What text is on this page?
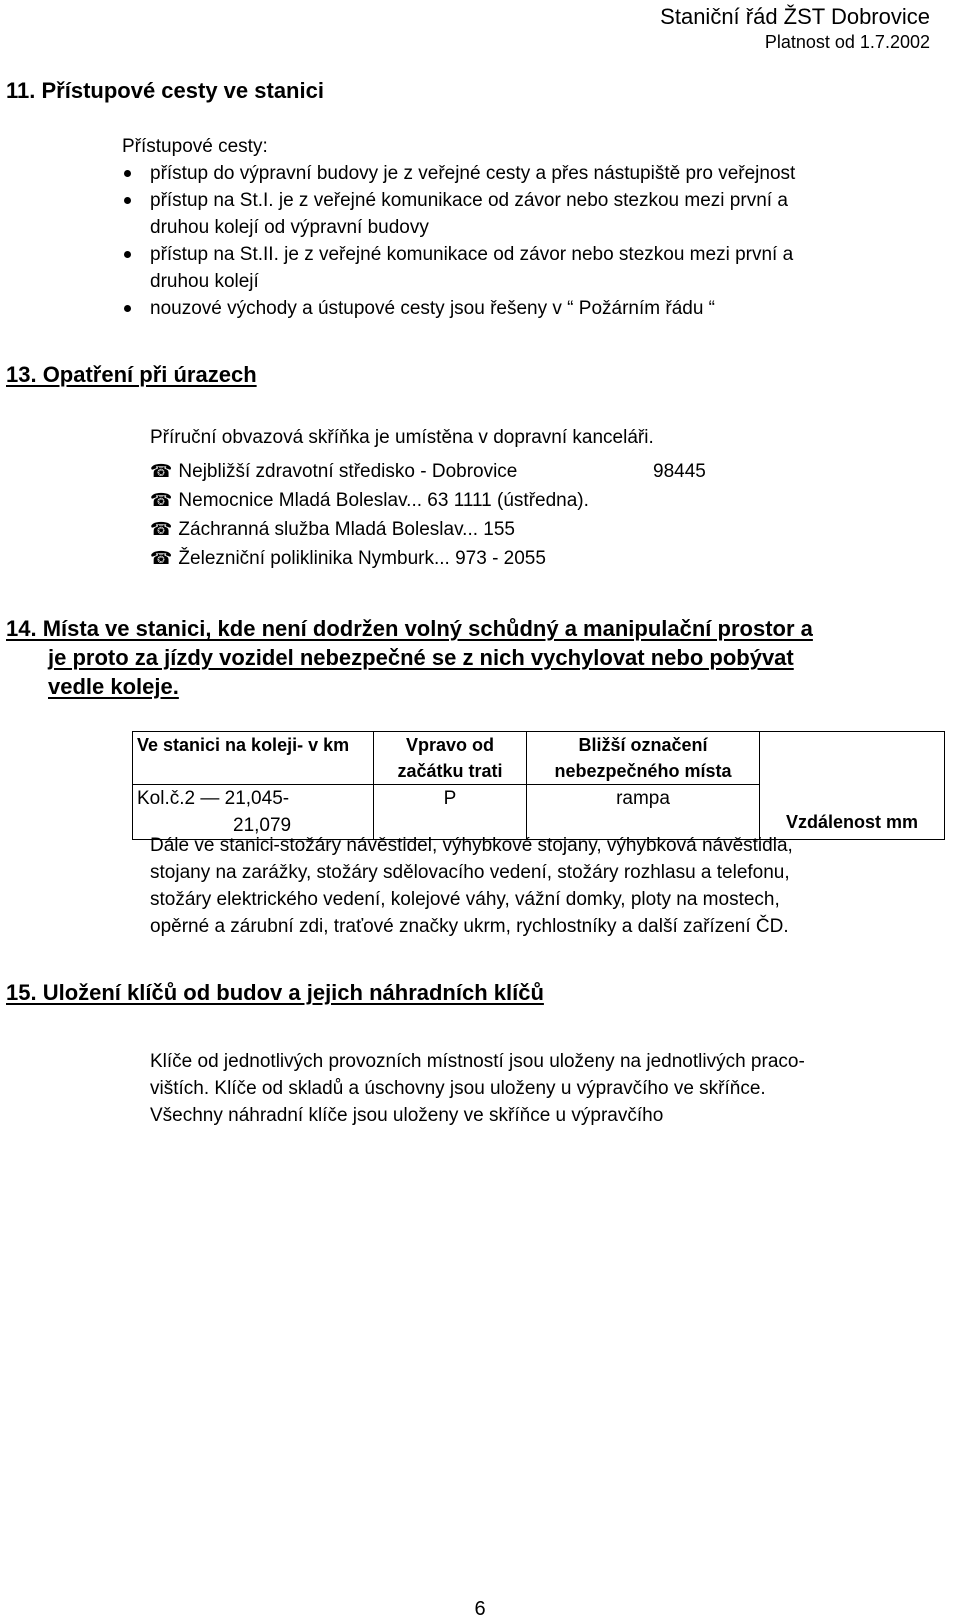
Staniční řád ŽST Dobrovice
Platnost od 1.7.2002
11. Přístupové cesty ve stanici
Přístupové cesty:
přístup do výpravní budovy je z veřejné cesty a přes nástupiště pro veřejnost
přístup na St.I. je z veřejné komunikace od závor nebo stezkou mezi první a
druhou kolejí od výpravní budovy
přístup na St.II. je z veřejné komunikace od závor nebo stezkou mezi první a
druhou kolejí
nouzové východy a ústupové cesty jsou řešeny v “ Požárním řádu “
13. Opatření při úrazech
Příruční obvazová skříňka je umístěna v dopravní kanceláři.
☎ Nejbližší zdravotní středisko - Dobrovice	98445
☎ Nemocnice Mladá Boleslav... 63 1111 (ústředna).
☎ Záchranná služba Mladá Boleslav... 155
☎ Železniční poliklinika Nymburk... 973 - 2055
14. Místa ve stanici, kde není dodržen volný schůdný a manipulační prostor a
je proto za jízdy vozidel nebezpečné se z nich vychylovat nebo pobývat
vedle koleje.
Ve stanici na koleji- v km	Vpravo od začátku trati	Bližší označení nebezpečného místa	Vzdálenost mm

Kol.č.2 — 21,045-
21,079	P	rampa	
Dále ve stanici-stožáry návěstidel, výhybkové stojany, výhybková návěstidla,
stojany na zarážky, stožáry sdělovacího vedení, stožáry rozhlasu a telefonu,
stožáry elektrického vedení, kolejové váhy, vážní domky, ploty na mostech,
opěrné a zárubní zdi, traťové značky ukrm, rychlostníky a další zařízení ČD.
15. Uložení klíčů od budov a jejich náhradních klíčů
Klíče od jednotlivých provozních místností jsou uloženy na jednotlivých praco-
vištích. Klíče od skladů a úschovny jsou uloženy u výpravčího ve skříňce.
Všechny náhradní klíče jsou uloženy ve skříňce u výpravčího
6
